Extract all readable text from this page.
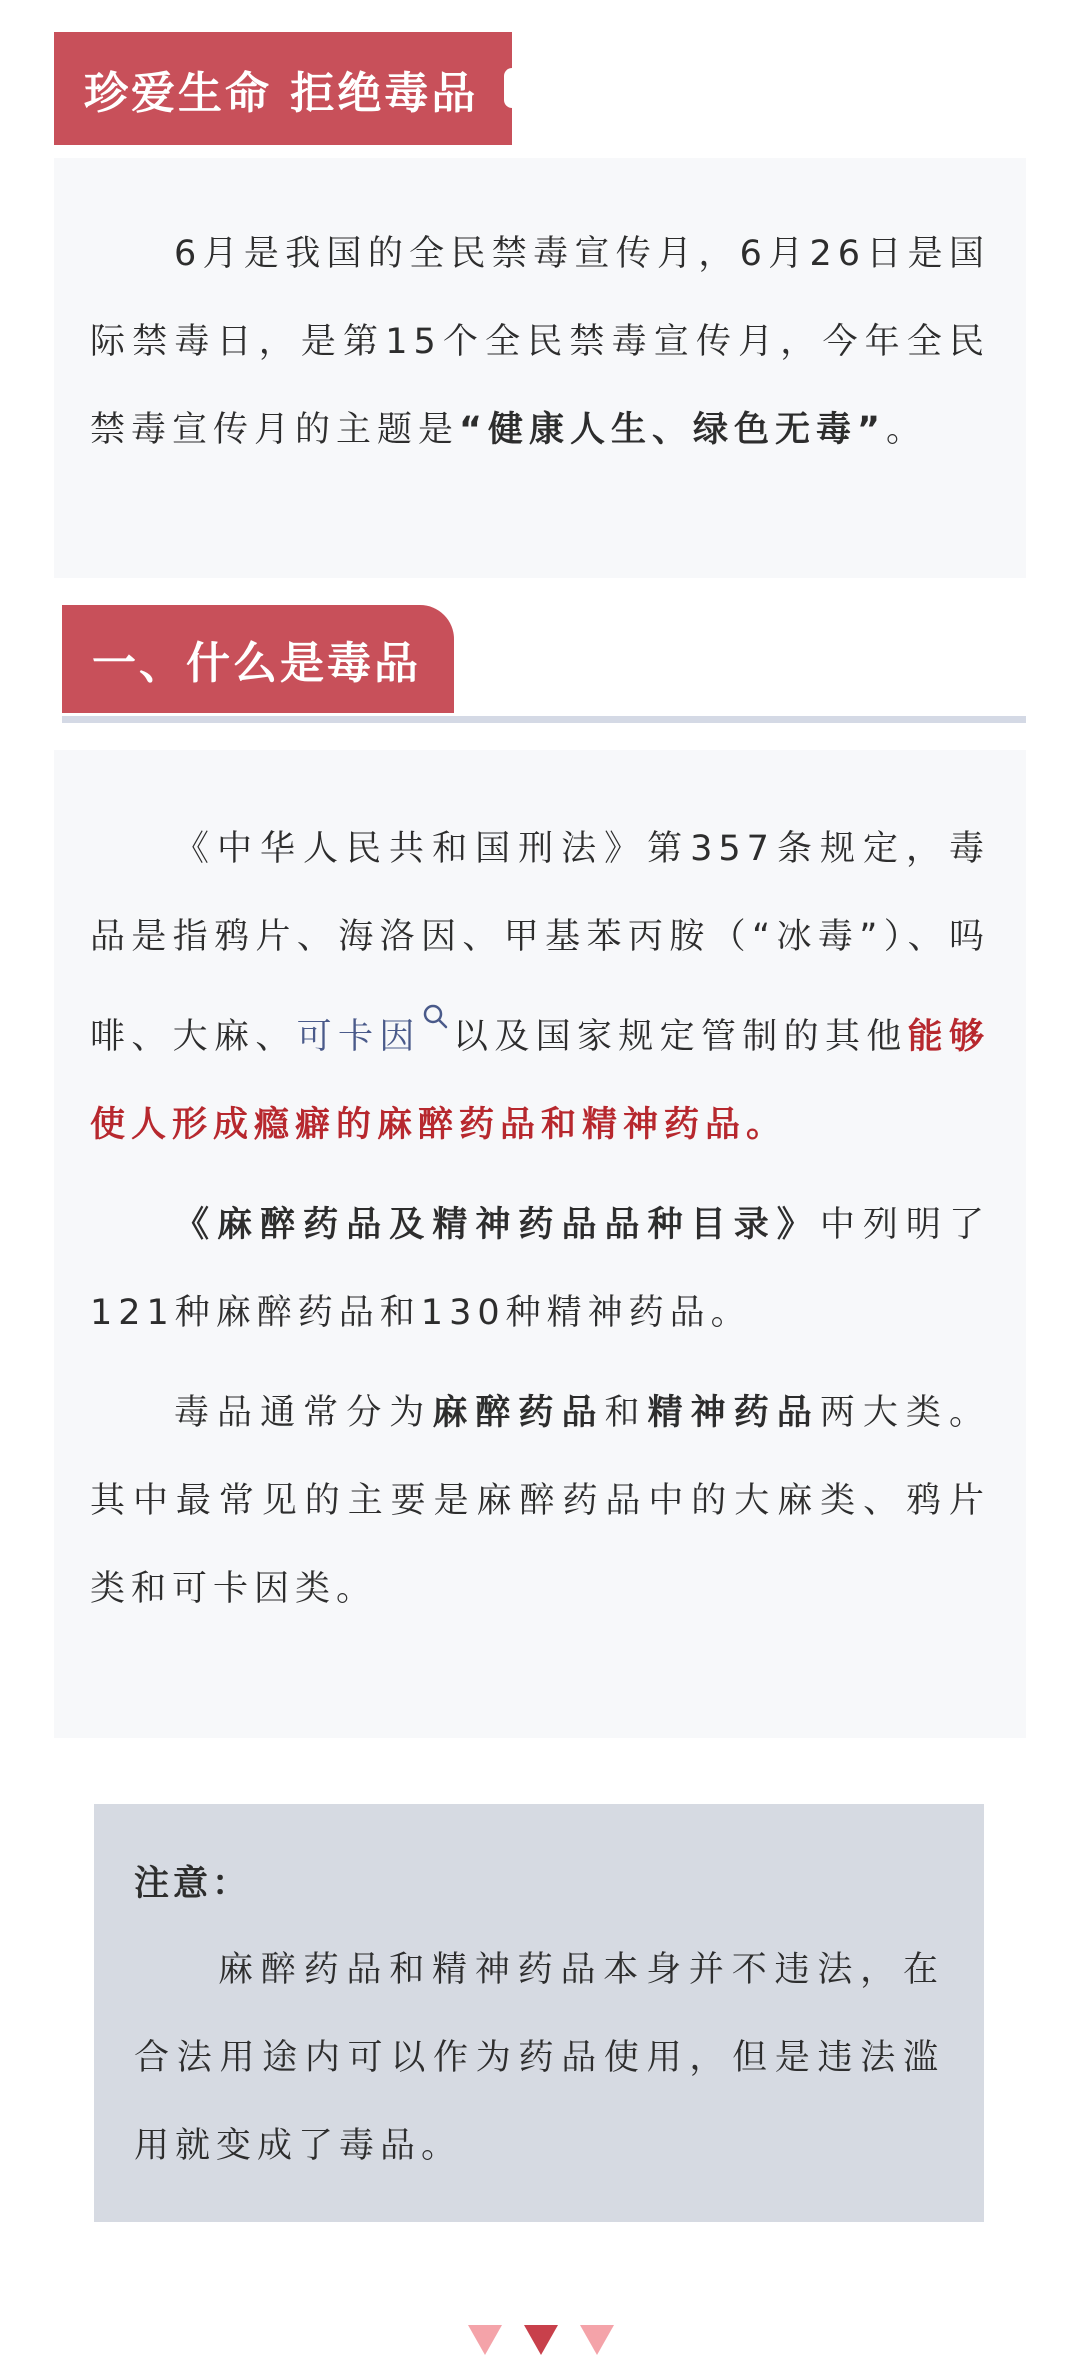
珍爱生命 拒绝毒品

6月是我国的全民禁毒宣传月，6月26日是国际禁毒日，是第15个全民禁毒宣传月，今年全民禁毒宣传月的主题是“健康人生、绿色无毒”。

一、什么是毒品

《中华人民共和国刑法》第357条规定，毒品是指鸦片、海洛因、甲基苯丙胺（“冰毒”）、吗啡、大麻、可卡因 以及国家规定管制的其他能够使人形成瘾癖的麻醉药品和精神药品。

《麻醉药品及精神药品品种目录》中列明了121种麻醉药品和130种精神药品。

毒品通常分为麻醉药品和精神药品两大类。其中最常见的主要是麻醉药品中的大麻类、鸦片类和可卡因类。

注意：

麻醉药品和精神药品本身并不违法，在合法用途内可以作为药品使用，但是违法滥用就变成了毒品。
